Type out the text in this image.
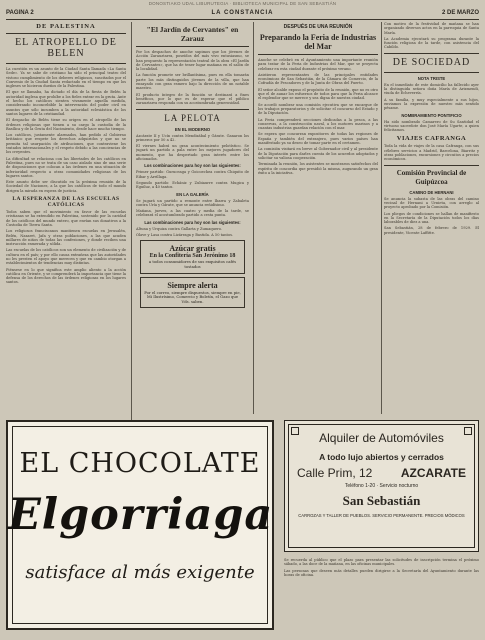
DONOSTIAKO UDAL LIBURUTEGIA · BIBLIOTECA MUNICIPAL DE SAN SEBASTIÁN
PAGINA 2	LA CONSTANCIA	2 DE MARZO
DE PALESTINA
EL ATROPELLO DE BELEN

La cuestión es un asunto de la Ciudad Santa llamada «La Santa Sede». Ya se sabe de cristiano ha sido el principal teatro del vistoso cumplimiento de los deberes religiosos, suscitados por el Convenio de la Ciudad Santa redactado en el tiempo en que los ingleses se hicieron dueños de la Palestina.

El que se llamaba, ha dictado el día de la fiesta de Belén la autoridad inglesa que prohíbe a los fieles entrar en la gruta. Ante el hecho los católicos sienten vivamente aquella medida, considerando inconcebible la intervención del poder civil en asuntos que sólo incumben a la autoridad eclesiástica de los santos lugares de la cristiandad.

El despacho de Belén tiene su origen en el atropello de las órdenes religiosas que tienen a su cargo la custodia de la Basílica y de la Gruta del Nacimiento, desde hace mucho tiempo.

Los católicos, justamente alarmados, han pedido al Gobierno británico que respete los derechos adquiridos y que no se permita tal usurpación de atribuciones, que contraviene los tratados internacionales y el respeto debido a las conciencias de los creyentes.

La dificultad se relaciona con las libertades de los católicos en Palestina, pues no se trata de un caso aislado sino de una serie de disposiciones que colocan a las órdenes en una situación de inferioridad respecto a otras comunidades religiosas de los lugares santos.

Este asunto debe ser discutido en la próxima reunión de la Sociedad de Naciones, a la que los católicos de todo el mundo dirigen la mirada en espera de justicia.

LA ESPERANZA DE LAS ESCUELAS CATÓLICAS

Todos saben que el movimiento en favor de las escuelas cristianas se ha extendido en Palestina, sostenido por la caridad de los católicos del mundo entero, que envían sus donativos a la Custodia de Tierra Santa.

Los religiosos franciscanos mantienen escuelas en Jerusalén, Belén, Nazaret, Jafa y otras poblaciones, a las que acuden millares de niños de todas las confesiones, y donde reciben una instrucción esmerada y sólida.

Las escuelas de los católicos son un elemento de civilización y de cultura en el país; y por ello causa extrañeza que las autoridades no les presten el apoyo que merecen y que en cambio otorgan a establecimientos de tendencias muy distintas.

Piénsese en lo que significa este amplio aliento a la acción católica en Oriente, y se comprenderá la importancia que tiene la defensa de los derechos de las órdenes religiosas en los lugares santos.

"El Jardín de Cervantes" en Zarauz

Por los despachos de anoche supimos que los jóvenes de Acción Zarauztarra, poseídos del más vivo entusiasmo, se han propuesto la representación teatral de la obra «El Jardín de Cervantes», que ha de tener lugar mañana en el salón de la localidad.

La función promete ser brillantísima, pues en ella tomarán parte los más distinguidos jóvenes de la villa, que han ensayado con gran esmero bajo la dirección de un notable maestro.

El producto íntegro de la función se destinará a fines benéficos, por lo que es de esperar que el público zarauztarra responda con su acostumbrada generosidad.

LA PELOTA
EN EL MODERNO

Azcárate II y Ucín contra Mendizábal y Gárate. Ganaron los primeros por 50 a 42.

El viernes habrá un gran acontecimiento pelotístico. Se jugará un partido a pala entre los mejores jugadores del momento, que ha despertado gran interés entre los aficionados.

Los combinaciones para hoy son las siguientes:

Primer partido: Guruceaga y Goicoechea contra Chiquito de Eibar y Arrillaga.

Segundo partido: Echániz y Zubiaurre contra Mugica y Eguiluz, a 40 tantos.

EN LA GALERÍA

Se jugará un partido a remonte entre Ibarra y Zabaleta contra Uría y Gárate, que se anuncia reñidísimo.

Mañana, jueves, a las cuatro y media de la tarde, se celebrará el acostumbrado partido a cesta punta.

Las combinaciones para hoy son las siguientes:

Altuna y Urquiza contra Gallarta y Zumaquero.

Olave y Lasa contra Lizárraga y Bastida. A 50 tantos.

Azúcar gratis
En la Confitería San Jerónimo 18
a todos consumidores de sus exquisitos cafés tostados
Siempre alerta
Por el correo, siempre dispuestos, siempre en pie, Mi Ilustrísimo, Comercio y Boletín, el Gazo que Vds. saben.
DESPUÉS DE UNA REUNIÓN
Preparando la Feria de Industrias del Mar

Anoche se celebró en el Ayuntamiento una importante reunión para tratar de la Feria de Industrias del Mar, que se proyecta celebrar en esta ciudad durante el próximo verano.

Asistieron representantes de las principales entidades económicas de San Sebastián, de la Cámara de Comercio, de la Cofradía de Pescadores y de la Junta de Obras del Puerto.

El señor alcalde expuso el propósito de la reunión, que no es otro que el de aunar los esfuerzos de todos para que la Feria alcance el esplendor que se merece y sea digna de nuestra ciudad.

Se acordó nombrar una comisión ejecutiva que se encargue de los trabajos preparatorios y de solicitar el concurso del Estado y de la Diputación.

La Feria comprenderá secciones dedicadas a la pesca, a las conservas, a la construcción naval, a los motores marinos y a cuantas industrias guardan relación con el mar.

Se espera que concurran expositores de todas las regiones de España y también del extranjero, pues varios países han manifestado ya su deseo de tomar parte en el certamen.

La comisión visitará en breve al Gobernador civil y al presidente de la Diputación para darles cuenta de los acuerdos adoptados y solicitar su valiosa cooperación.

Terminada la reunión, los asistentes se mostraron satisfechos del espíritu de concordia que presidió la misma, augurando un gran éxito a la iniciativa.

Con motivo de la festividad de mañana se han organizado diversos actos en la parroquia de Santa María.

La Academia ejecutará su programa durante la función religiosa de la tarde, con asistencia del Cabildo.

DE SOCIEDAD
NOTA TRISTE

En el inmediato de este domicilio ha fallecido ayer la distinguida señora doña María de Arizmendi, viuda de Echeverría.

A su familia, y muy especialmente a sus hijos, enviamos la expresión de nuestro más sentido pésame.

NOMBRAMIENTO PONTIFICIO

Ha sido nombrado Camarero de Su Santidad el virtuoso sacerdote don José María Ugarte, a quien felicitamos.

VIAJES CAFRANGA

Toda la vida de viajes de la casa Cafranga, con sus célebres servicios a Madrid, Barcelona, Biarritz y otras poblaciones, excursiones y circuitos a precios económicos.

Comisión Provincial de Guipúzcoa
CAMINO DE HERNANI

Se anuncia la subasta de las obras del camino vecinal de Hernani a Urnieta, con arreglo al proyecto aprobado por la Comisión.

Los pliegos de condiciones se hallan de manifiesto en la Secretaría de la Diputación todos los días laborables de diez a una.

San Sebastián, 28 de febrero de 1929. El presidente, Vicente Laffitte.

EL CHOCOLATE
Elgorriaga
satisface al más exigente
Alquiler de Automóviles
A todo lujo abiertos y cerrados
Calle Prim, 12 AZCARATE
Teléfono 1-20 · Servicio nocturno
San Sebastián
CARROZAS Y TALLER DE PUEBLOS. SERVICIO PERMANENTE. PRECIOS MÓDICOS

Se recuerda al público que el plazo para presentar las solicitudes de inscripción termina el próximo sábado, a las doce de la mañana, en las oficinas municipales.

Las personas que deseen más detalles pueden dirigirse a la Secretaría del Ayuntamiento durante las horas de oficina.
